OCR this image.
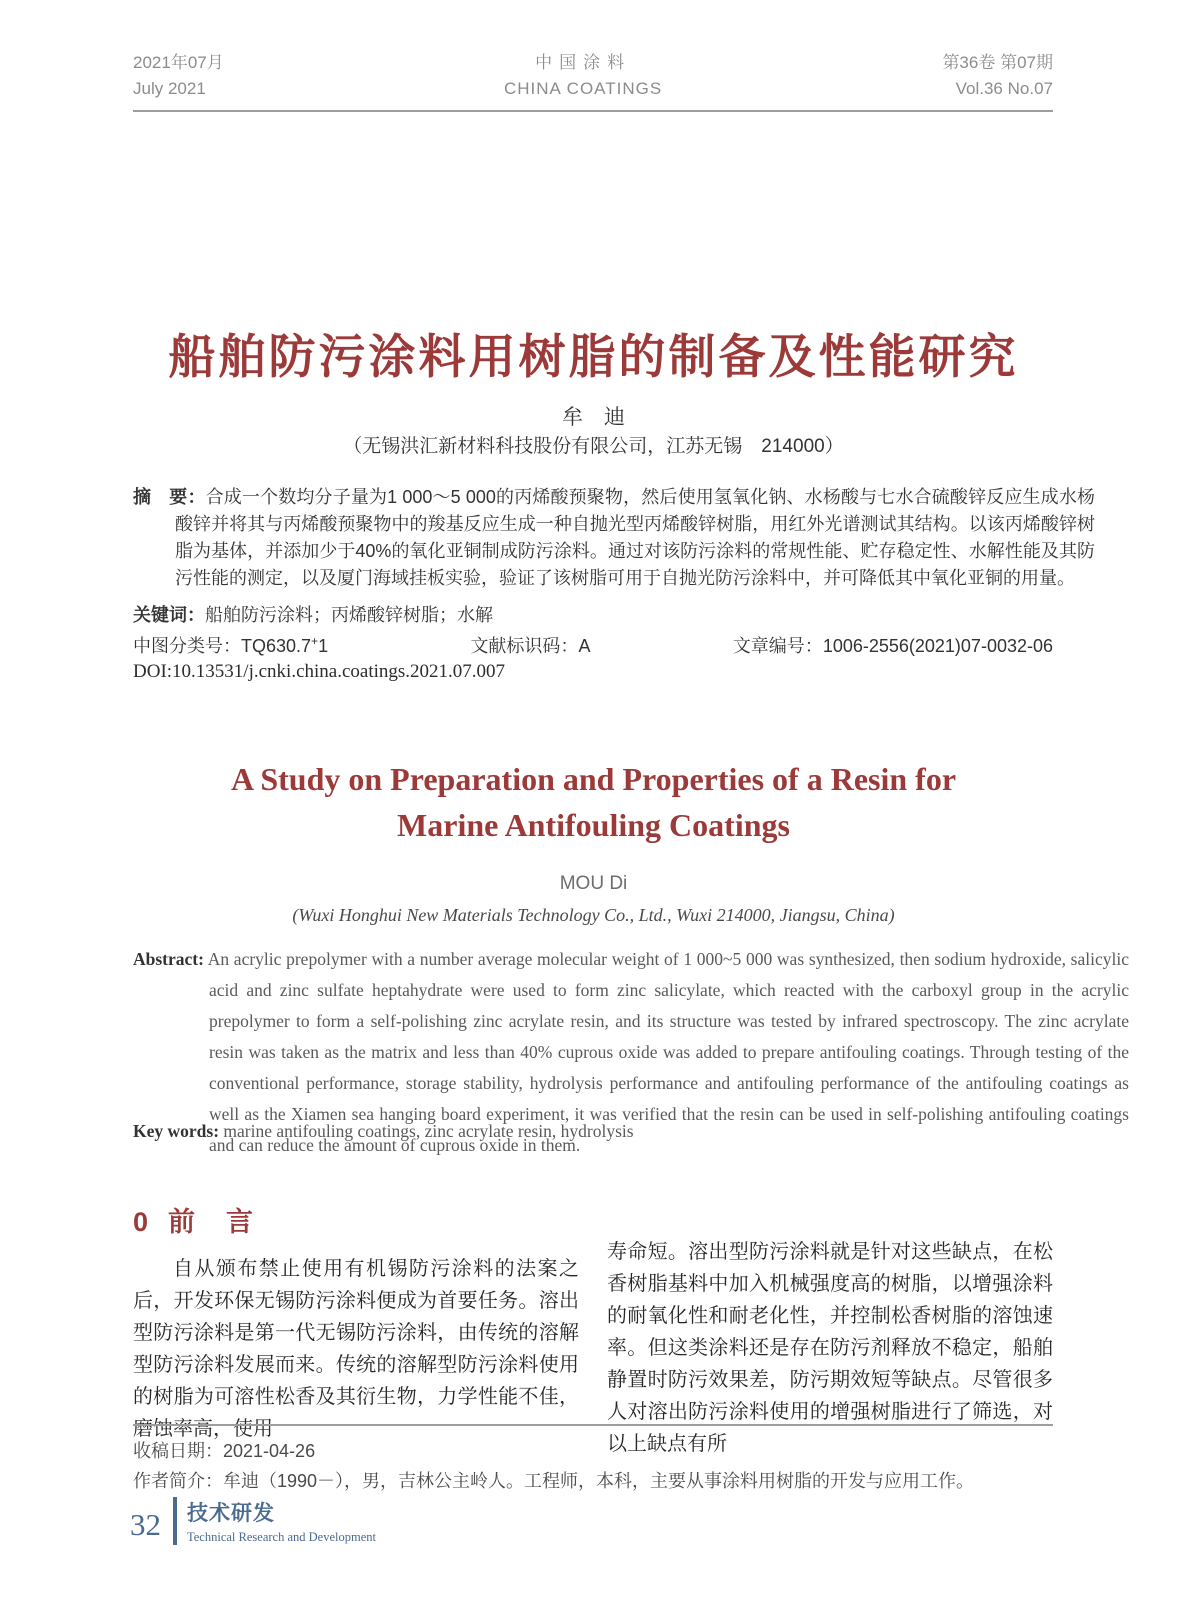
2021年07月
July 2021
中国涂料
CHINA COATINGS
第36卷 第07期
Vol.36 No.07
船舶防污涂料用树脂的制备及性能研究
牟　迪
（无锡洪汇新材料科技股份有限公司，江苏无锡　214000）

摘　要：合成一个数均分子量为1 000～5 000的丙烯酸预聚物，然后使用氢氧化钠、水杨酸与七水合硫酸锌反应生成水杨酸锌并将其与丙烯酸预聚物中的羧基反应生成一种自抛光型丙烯酸锌树脂，用红外光谱测试其结构。以该丙烯酸锌树脂为基体，并添加少于40%的氧化亚铜制成防污涂料。通过对该防污涂料的常规性能、贮存稳定性、水解性能及其防污性能的测定，以及厦门海域挂板实验，验证了该树脂可用于自抛光防污涂料中，并可降低其中氧化亚铜的用量。

关键词：船舶防污涂料；丙烯酸锌树脂；水解
中图分类号：TQ630.7+1	文献标识码：A	文章编号：1006-2556(2021)07-0032-06
DOI:10.13531/j.cnki.china.coatings.2021.07.007
A Study on Preparation and Properties of a Resin for
Marine Antifouling Coatings
MOU Di
(Wuxi Honghui New Materials Technology Co., Ltd., Wuxi 214000, Jiangsu, China)

Abstract: An acrylic prepolymer with a number average molecular weight of 1 000~5 000 was synthesized, then sodium hydroxide, salicylic acid and zinc sulfate heptahydrate were used to form zinc salicylate, which reacted with the carboxyl group in the acrylic prepolymer to form a self-polishing zinc acrylate resin, and its structure was tested by infrared spectroscopy. The zinc acrylate resin was taken as the matrix and less than 40% cuprous oxide was added to prepare antifouling coatings. Through testing of the conventional performance, storage stability, hydrolysis performance and antifouling performance of the antifouling coatings as well as the Xiamen sea hanging board experiment, it was verified that the resin can be used in self-polishing antifouling coatings and can reduce the amount of cuprous oxide in them.

Key words: marine antifouling coatings, zinc acrylate resin, hydrolysis
0 前　言

自从颁布禁止使用有机锡防污涂料的法案之后，开发环保无锡防污涂料便成为首要任务。溶出型防污涂料是第一代无锡防污涂料，由传统的溶解型防污涂料发展而来。传统的溶解型防污涂料使用的树脂为可溶性松香及其衍生物，力学性能不佳，磨蚀率高，使用

寿命短。溶出型防污涂料就是针对这些缺点，在松香树脂基料中加入机械强度高的树脂，以增强涂料的耐氧化性和耐老化性，并控制松香树脂的溶蚀速率。但这类涂料还是存在防污剂释放不稳定，船舶静置时防污效果差，防污期效短等缺点。尽管很多人对溶出防污涂料使用的增强树脂进行了筛选，对以上缺点有所

收稿日期：2021-04-26
作者简介：牟迪（1990－），男，吉林公主岭人。工程师，本科，主要从事涂料用树脂的开发与应用工作。
32 技术研发
Technical Research and Development
